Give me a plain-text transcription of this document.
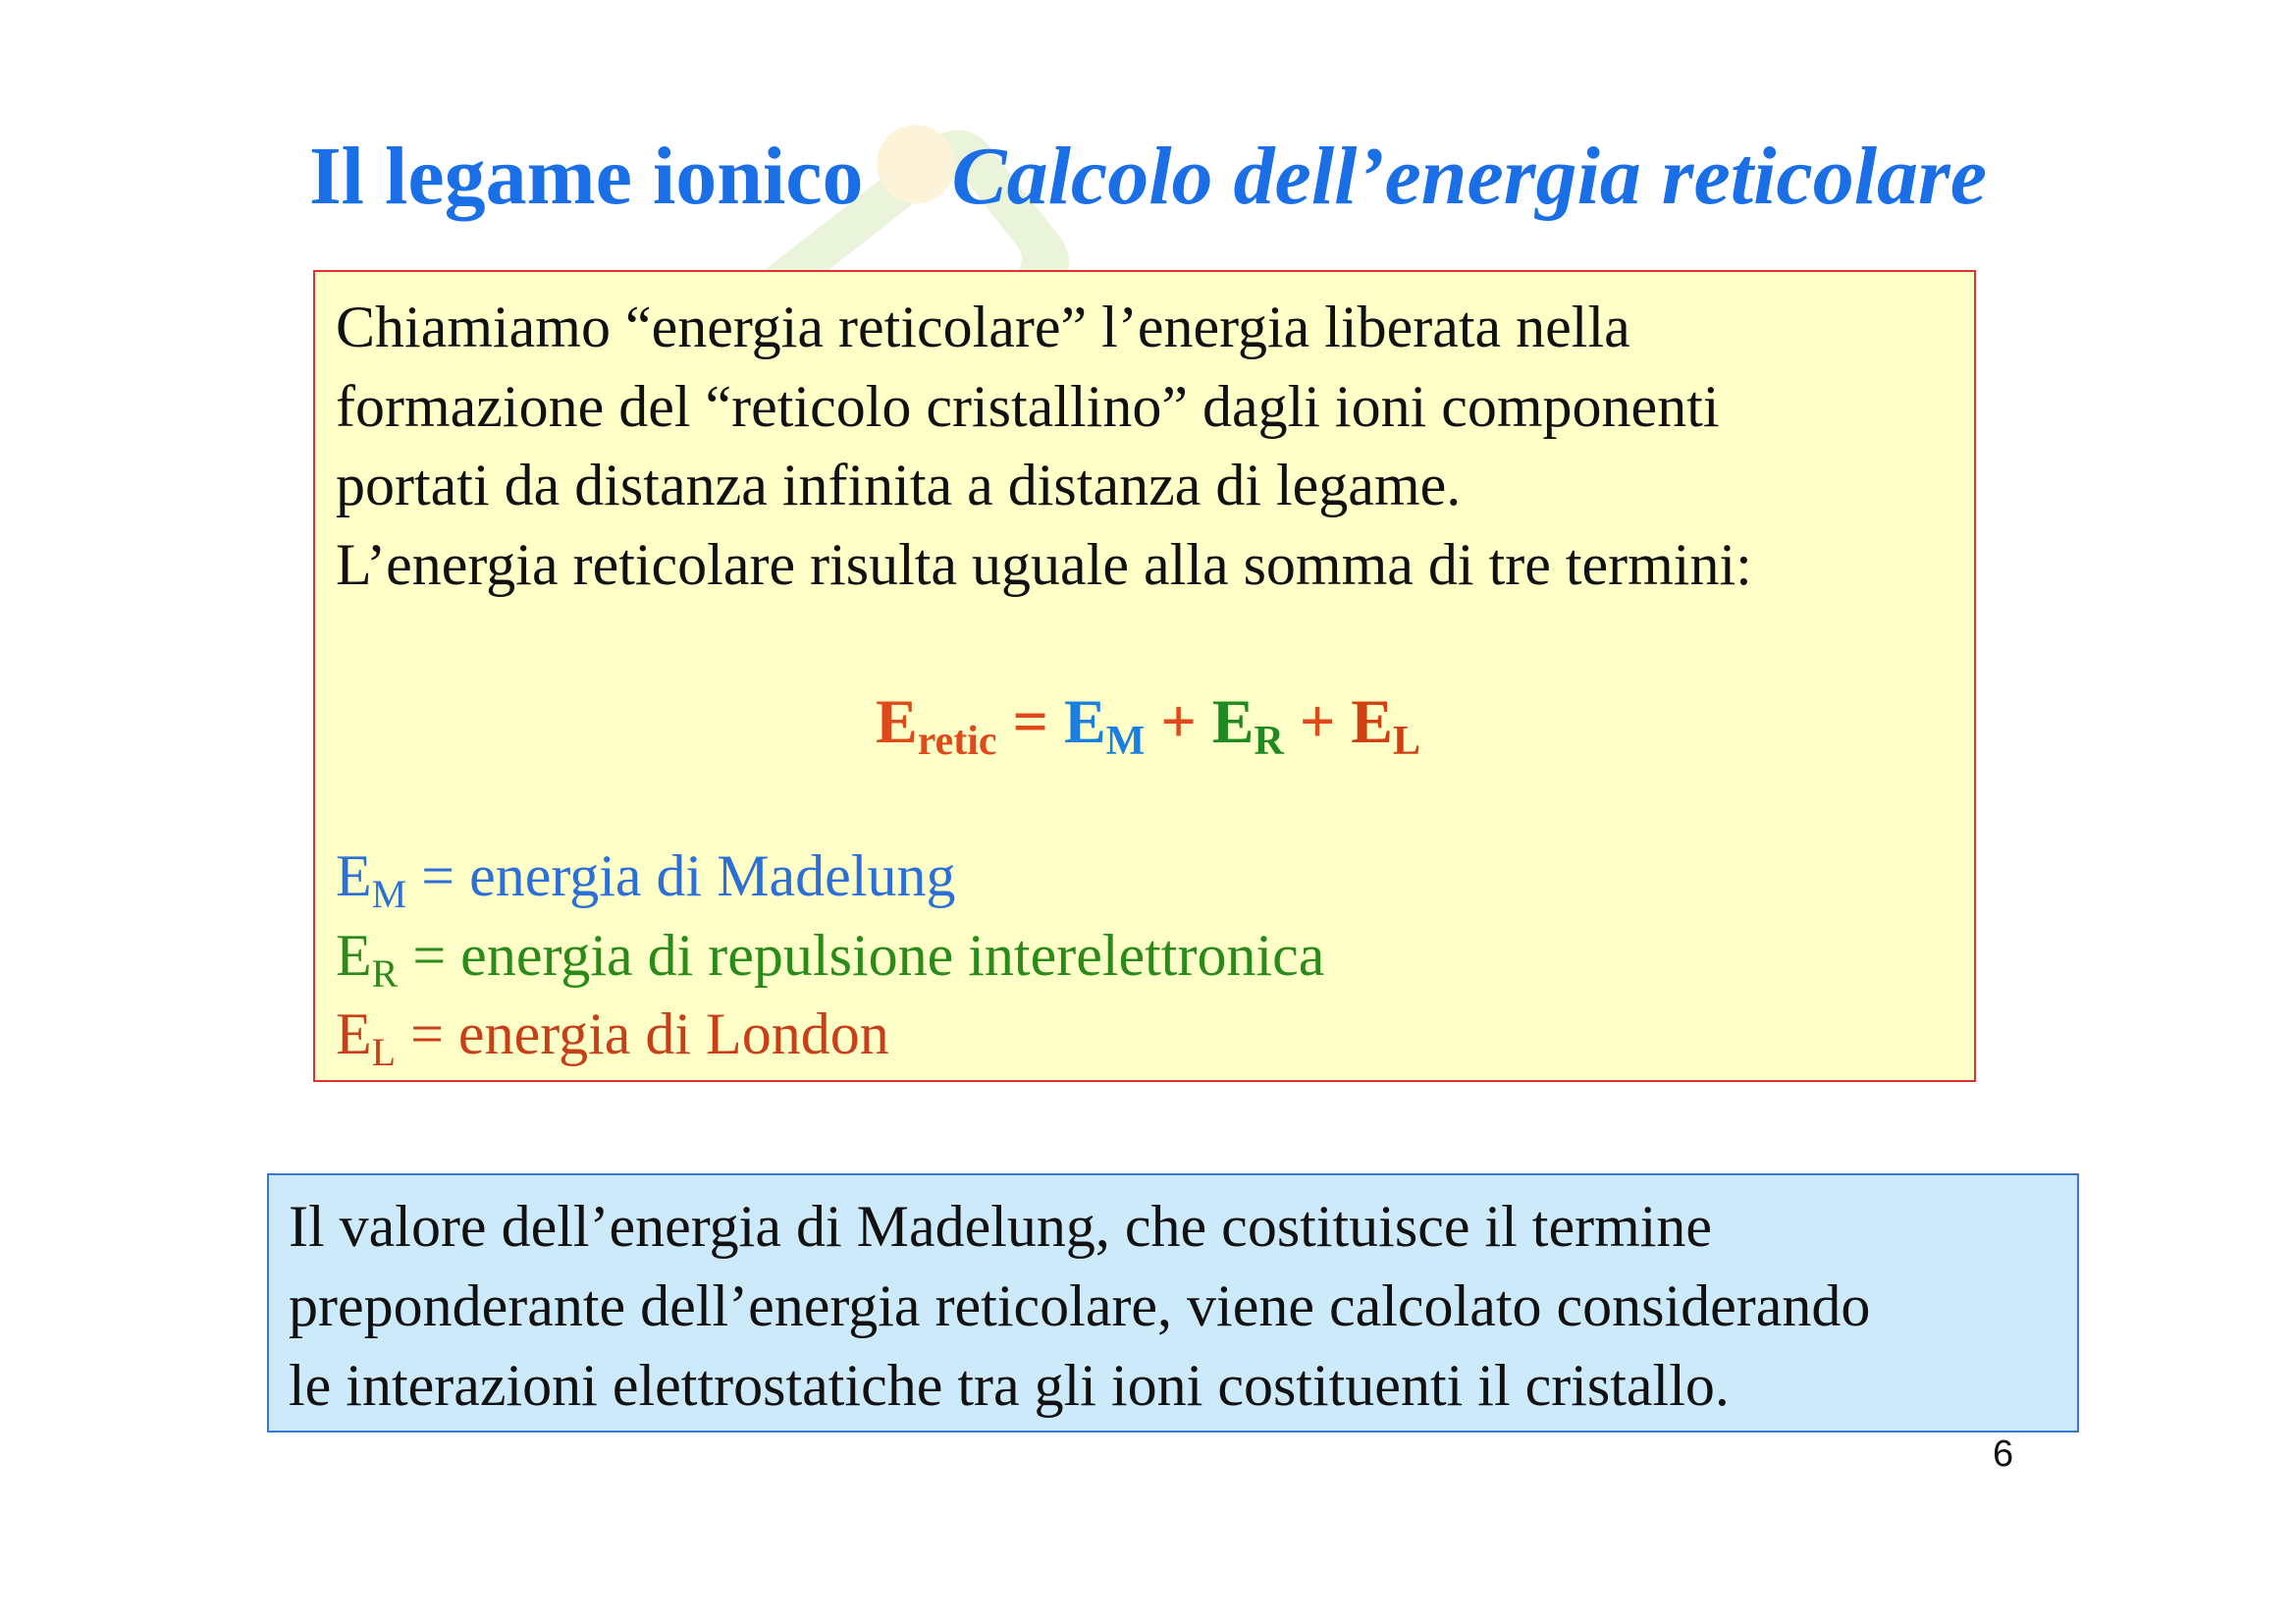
Il legame ionico Calcolo dell’energia reticolare
Chiamiamo “energia reticolare” l’energia liberata nella
formazione del “reticolo cristallino” dagli ioni componenti
portati da distanza infinita a distanza di legame.
L’energia reticolare risulta uguale alla somma di tre termini:
$E_{retic} = E_M + E_R + E_L$
$E_M$ = energia di Madelung
$E_R$ = energia di repulsione interelettronica
$E_L$ = energia di London
Il valore dell’energia di Madelung, che costituisce il termine
preponderante dell’energia reticolare, viene calcolato considerando
le interazioni elettrostatiche tra gli ioni costituenti il cristallo.
6
